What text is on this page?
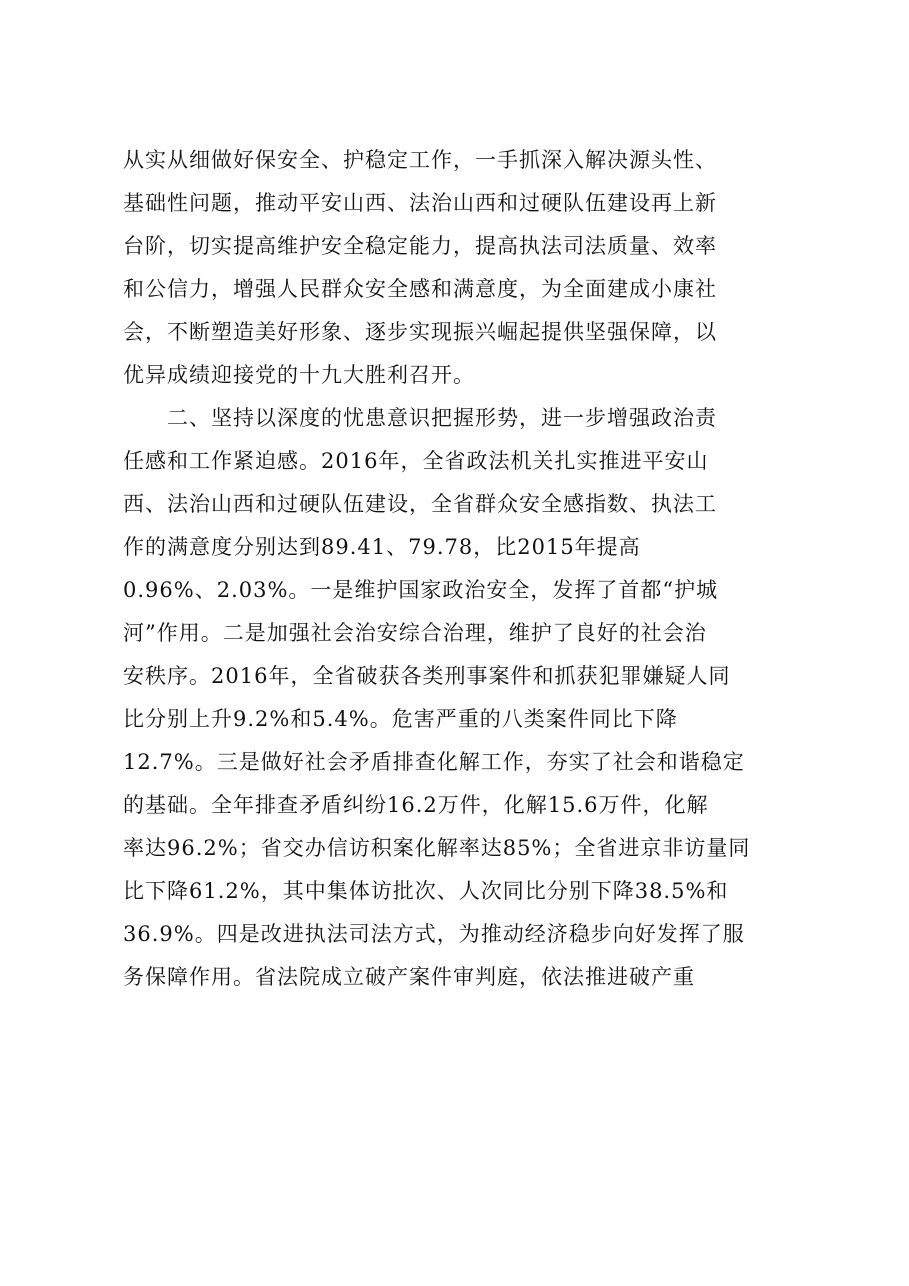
从实从细做好保安全、护稳定工作，一手抓深入解决源头性、
基础性问题，推动平安山西、法治山西和过硬队伍建设再上新
台阶，切实提高维护安全稳定能力，提高执法司法质量、效率
和公信力，增强人民群众安全感和满意度，为全面建成小康社
会，不断塑造美好形象、逐步实现振兴崛起提供坚强保障，以
优异成绩迎接党的十九大胜利召开。
二、坚持以深度的忧患意识把握形势，进一步增强政治责
任感和工作紧迫感。2016年，全省政法机关扎实推进平安山
西、法治山西和过硬队伍建设，全省群众安全感指数、执法工
作的满意度分别达到89.41、79.78，比2015年提高
0.96%、2.03%。一是维护国家政治安全，发挥了首都“护城
河”作用。二是加强社会治安综合治理，维护了良好的社会治
安秩序。2016年，全省破获各类刑事案件和抓获犯罪嫌疑人同
比分别上升9.2%和5.4%。危害严重的八类案件同比下降
12.7%。三是做好社会矛盾排查化解工作，夯实了社会和谐稳定
的基础。全年排查矛盾纠纷16.2万件，化解15.6万件，化解
率达96.2%；省交办信访积案化解率达85%；全省进京非访量同
比下降61.2%，其中集体访批次、人次同比分别下降38.5%和
36.9%。四是改进执法司法方式，为推动经济稳步向好发挥了服
务保障作用。省法院成立破产案件审判庭，依法推进破产重
